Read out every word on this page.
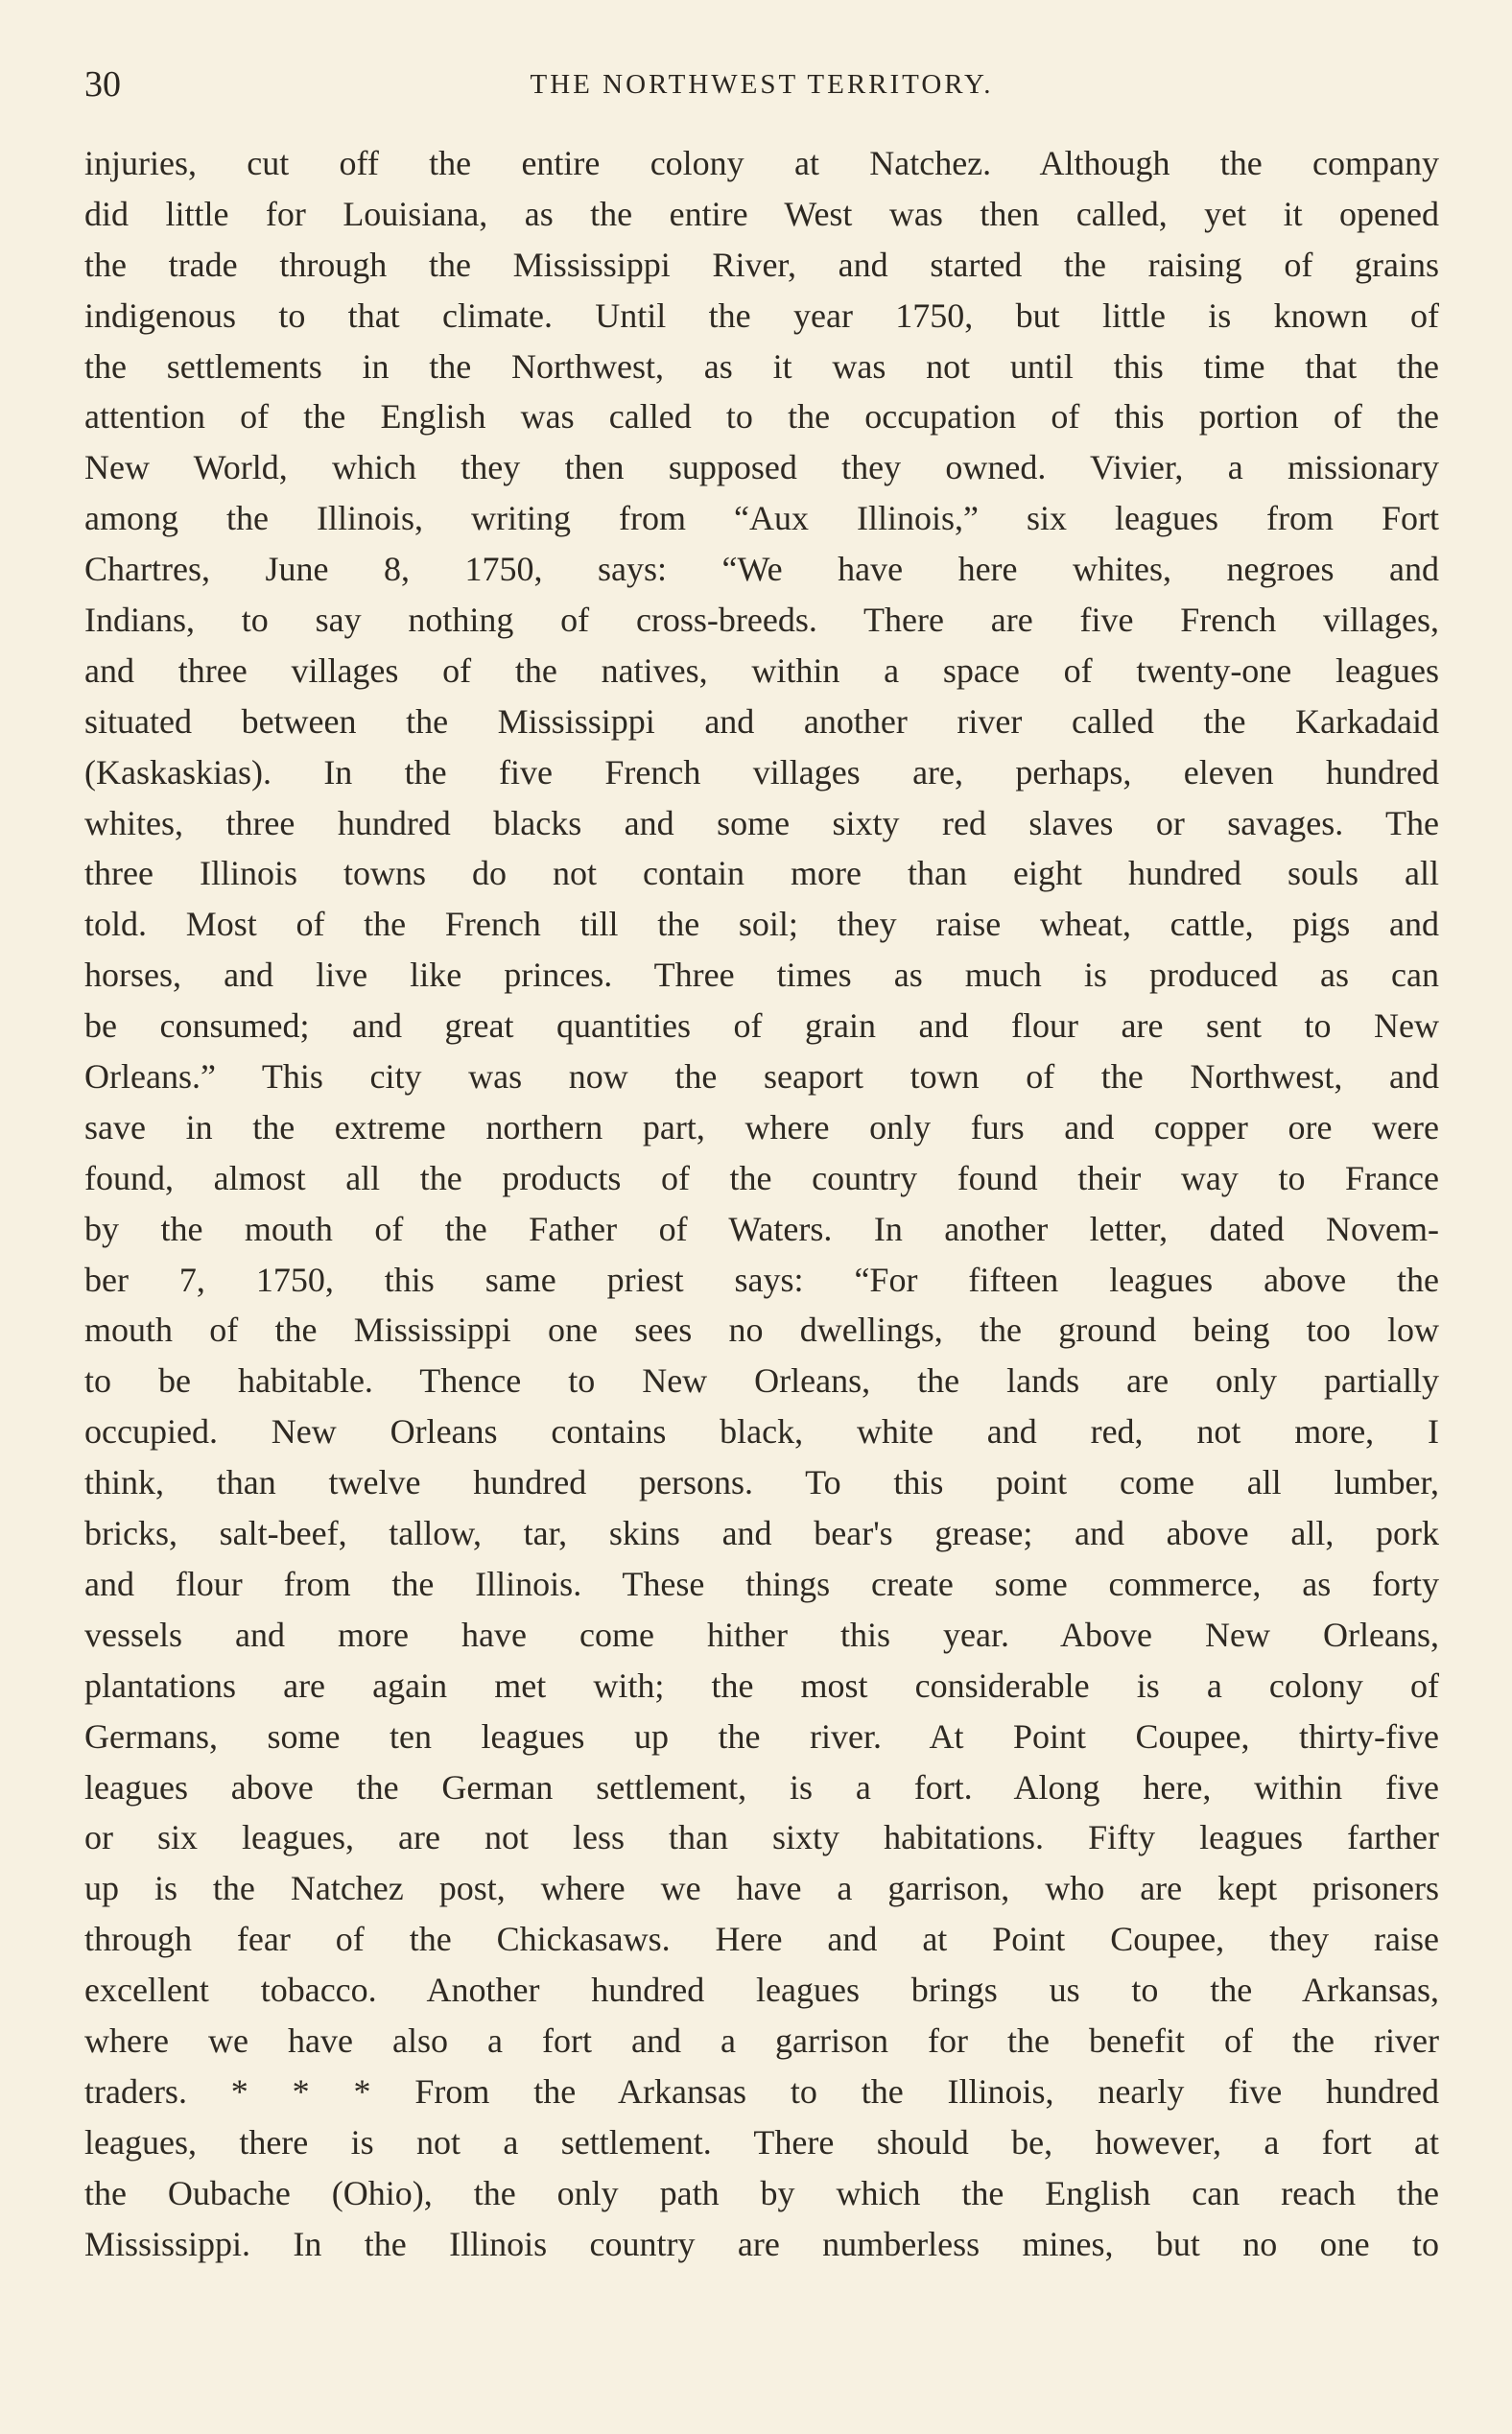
30	THE NORTHWEST TERRITORY.
injuries, cut off the entire colony at Natchez. Although the company
did little for Louisiana, as the entire West was then called, yet it opened
the trade through the Mississippi River, and started the raising of grains
indigenous to that climate. Until the year 1750, but little is known of
the settlements in the Northwest, as it was not until this time that the
attention of the English was called to the occupation of this portion of the
New World, which they then supposed they owned. Vivier, a missionary
among the Illinois, writing from “Aux Illinois,” six leagues from Fort
Chartres, June 8, 1750, says: “We have here whites, negroes and
Indians, to say nothing of cross-breeds. There are five French villages,
and three villages of the natives, within a space of twenty-one leagues
situated between the Mississippi and another river called the Karkadaid
(Kaskaskias). In the five French villages are, perhaps, eleven hundred
whites, three hundred blacks and some sixty red slaves or savages. The
three Illinois towns do not contain more than eight hundred souls all
told. Most of the French till the soil; they raise wheat, cattle, pigs and
horses, and live like princes. Three times as much is produced as can
be consumed; and great quantities of grain and flour are sent to New
Orleans.” This city was now the seaport town of the Northwest, and
save in the extreme northern part, where only furs and copper ore were
found, almost all the products of the country found their way to France
by the mouth of the Father of Waters. In another letter, dated Novem-
ber 7, 1750, this same priest says: “For fifteen leagues above the
mouth of the Mississippi one sees no dwellings, the ground being too low
to be habitable. Thence to New Orleans, the lands are only partially
occupied. New Orleans contains black, white and red, not more, I
think, than twelve hundred persons. To this point come all lumber,
bricks, salt-beef, tallow, tar, skins and bear's grease; and above all, pork
and flour from the Illinois. These things create some commerce, as forty
vessels and more have come hither this year. Above New Orleans,
plantations are again met with; the most considerable is a colony of
Germans, some ten leagues up the river. At Point Coupee, thirty-five
leagues above the German settlement, is a fort. Along here, within five
or six leagues, are not less than sixty habitations. Fifty leagues farther
up is the Natchez post, where we have a garrison, who are kept prisoners
through fear of the Chickasaws. Here and at Point Coupee, they raise
excellent tobacco. Another hundred leagues brings us to the Arkansas,
where we have also a fort and a garrison for the benefit of the river
traders. * * * From the Arkansas to the Illinois, nearly five hundred
leagues, there is not a settlement. There should be, however, a fort at
the Oubache (Ohio), the only path by which the English can reach the
Mississippi. In the Illinois country are numberless mines, but no one to
